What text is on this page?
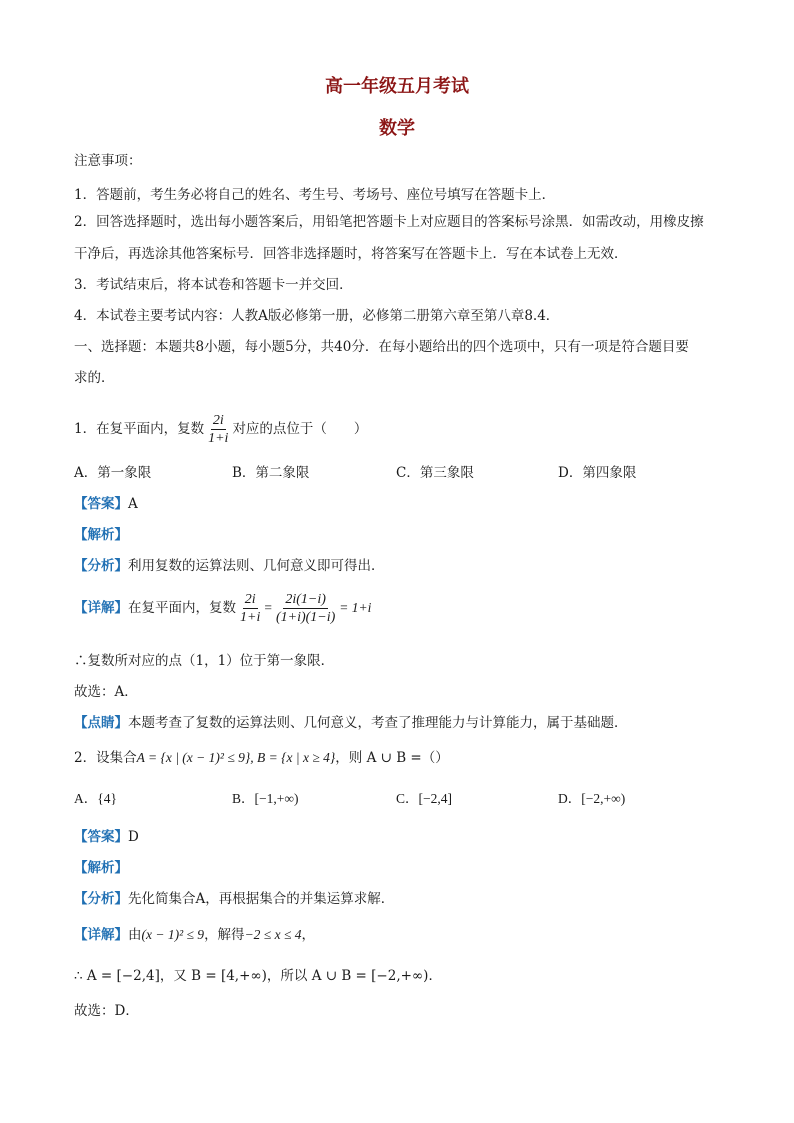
高一年级五月考试
数学
注意事项：
1．答题前，考生务必将自己的姓名、考生号、考场号、座位号填写在答题卡上．
2．回答选择题时，选出每小题答案后，用铅笔把答题卡上对应题目的答案标号涂黑．如需改动，用橡皮擦
干净后，再选涂其他答案标号．回答非选择题时，将答案写在答题卡上．写在本试卷上无效．
3．考试结束后，将本试卷和答题卡一并交回．
4．本试卷主要考试内容：人教A版必修第一册，必修第二册第六章至第八章8.4．
一、选择题：本题共8小题，每小题5分，共40分．在每小题给出的四个选项中，只有一项是符合题目要
求的．
1．在复平面内，复数 $\frac{2i}{1+i}$ 对应的点位于（　　）
A．第一象限	B．第二象限	C．第三象限	D．第四象限
【答案】A
【解析】
【分析】利用复数的运算法则、几何意义即可得出．
【详解】在复平面内，复数 $\frac{2i}{1+i} = \frac{2i(1-i)}{(1+i)(1-i)} = 1+i$
∴复数所对应的点（1，1）位于第一象限．
故选：A．
【点睛】本题考查了复数的运算法则、几何意义，考查了推理能力与计算能力，属于基础题．
2．设集合A = {x | (x − 1)² ≤ 9}, B = {x | x ≥ 4}，则 A ∪ B =（）
A．{4}	B．[−1,+∞)	C．[−2,4]	D．[−2,+∞)
【答案】D
【解析】
【分析】先化简集合A，再根据集合的并集运算求解．
【详解】由(x − 1)² ≤ 9，解得−2 ≤ x ≤ 4，
∴ A = [−2,4]，又 B = [4,+∞)，所以 A ∪ B = [−2,+∞)．
故选：D．
